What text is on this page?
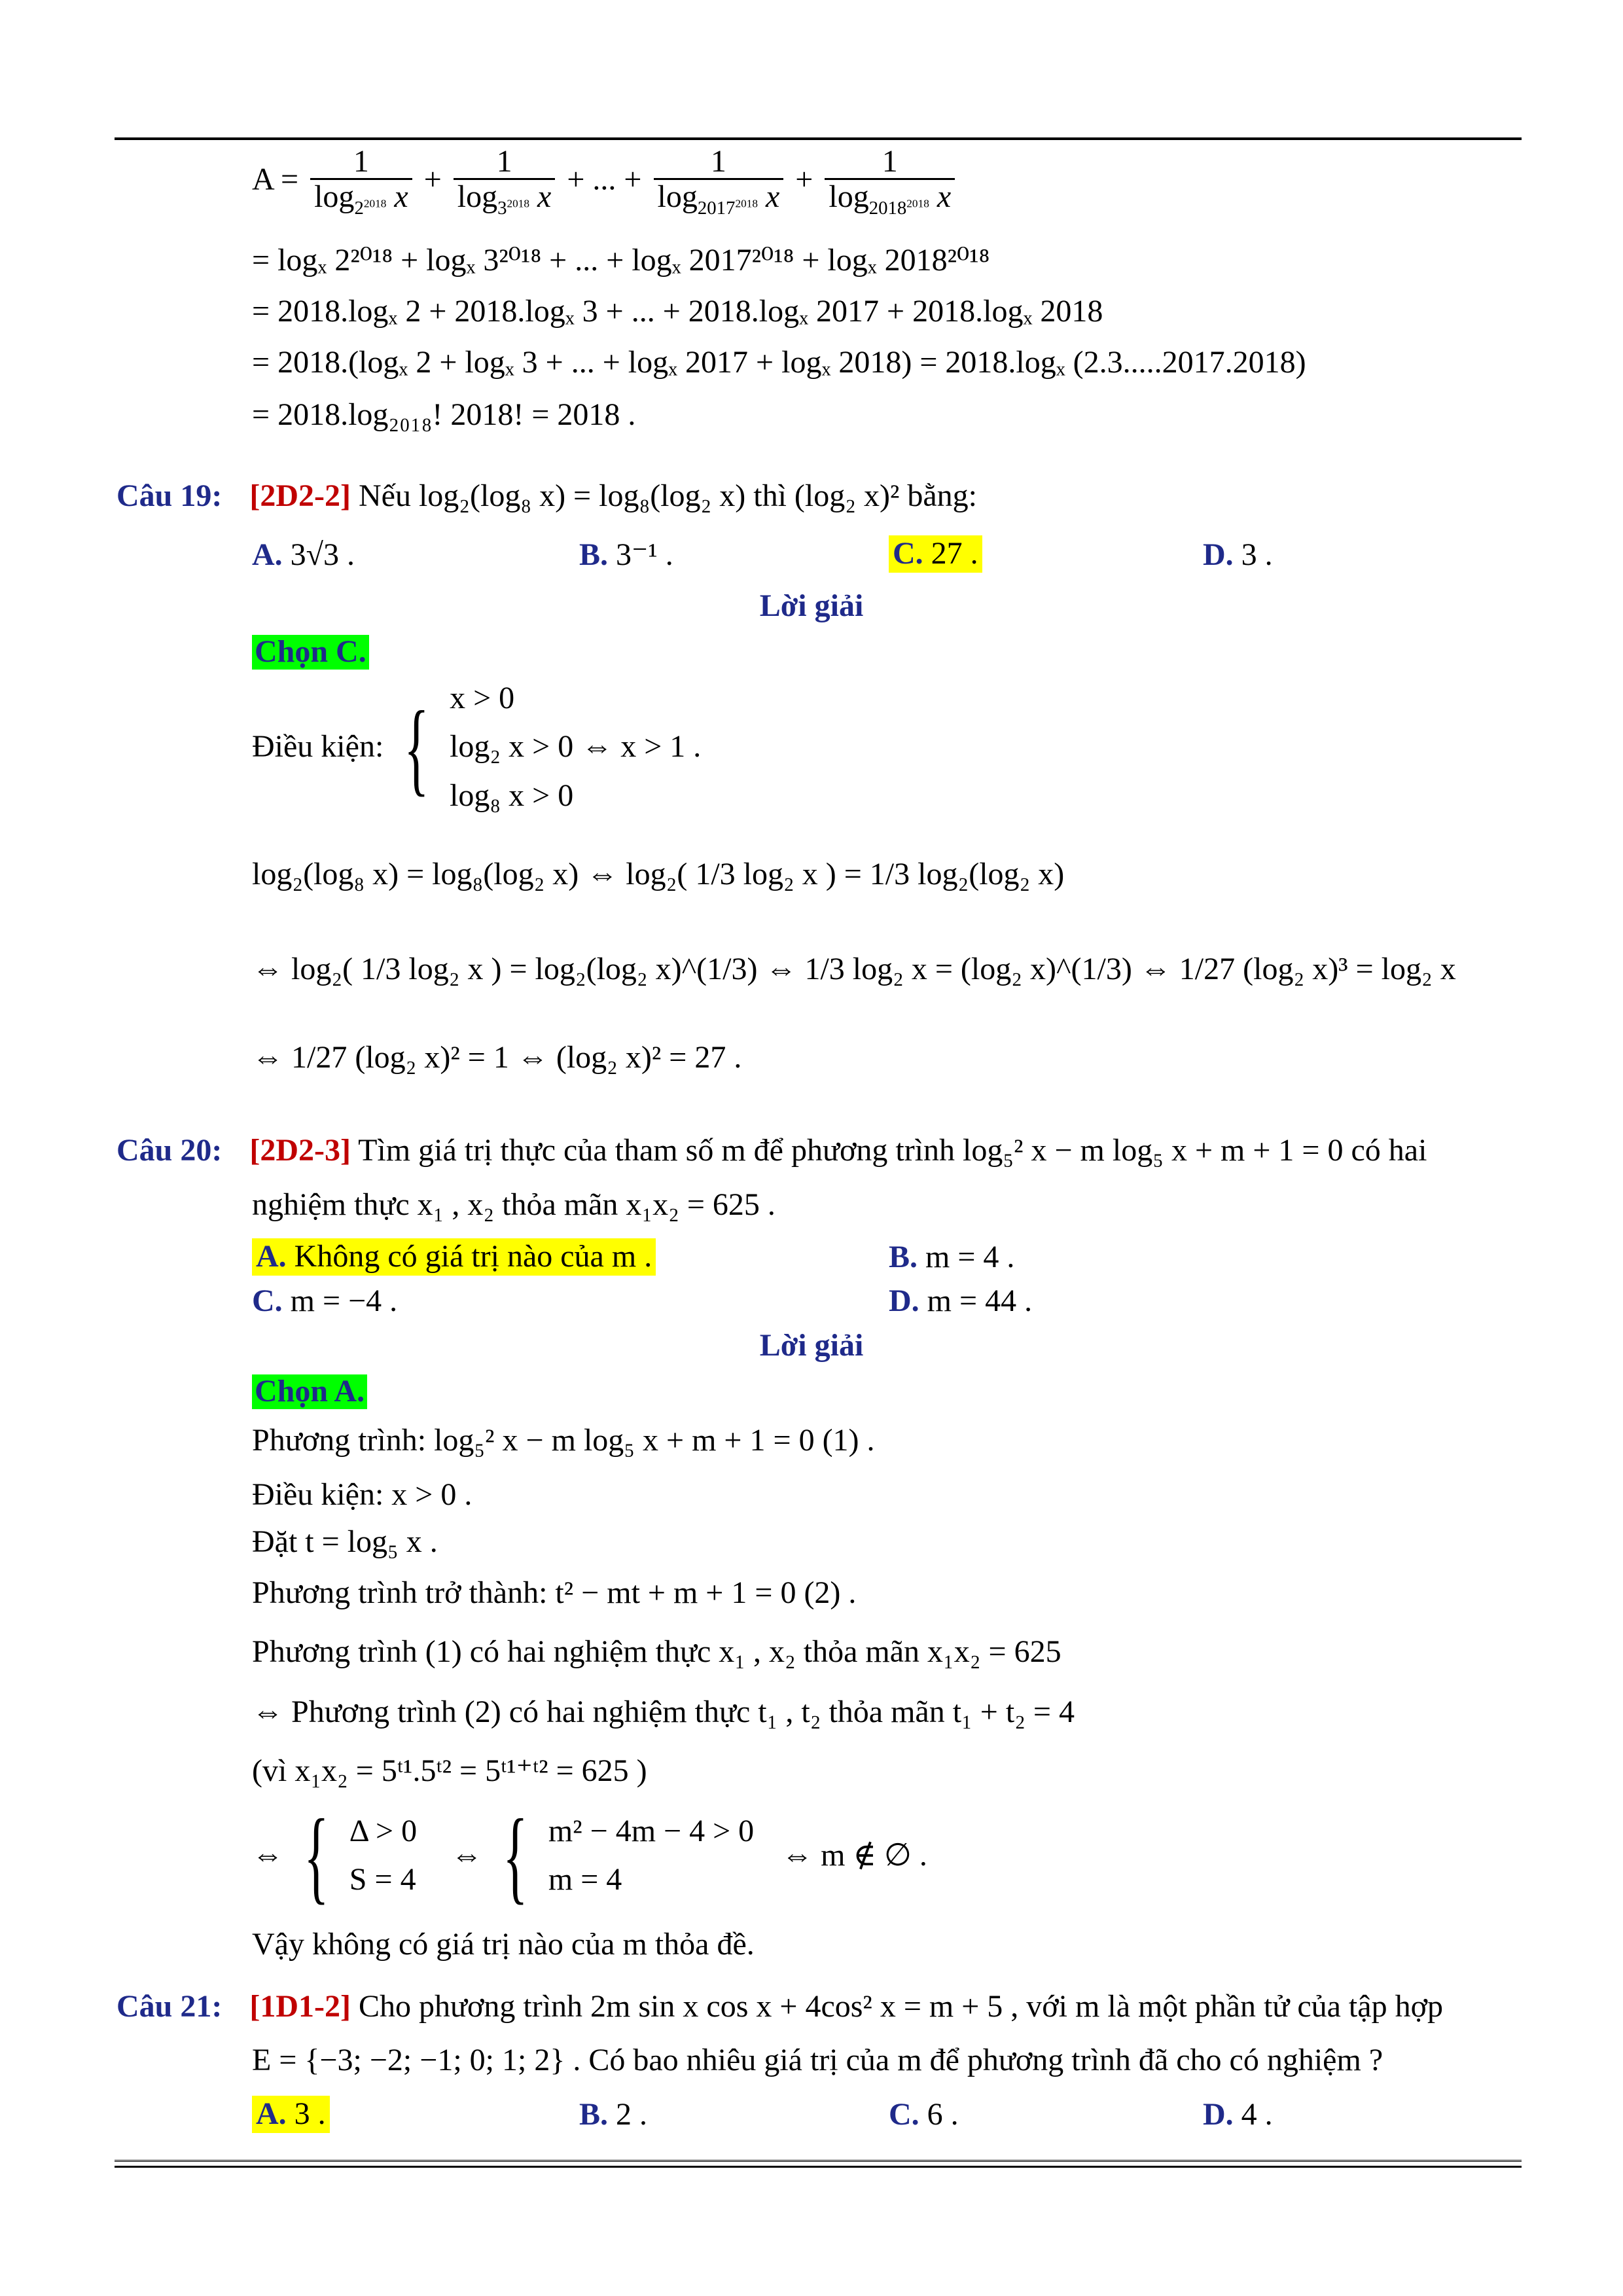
$A = \frac{1}{\log_{2^{2018}} x} + \frac{1}{\log_{3^{2018}} x}$ + ... + $\frac{1}{\log_{2017^{2018}} x} + \frac{1}{\log_{2018^{2018}} x}$
= logₓ 2²⁰¹⁸ + logₓ 3²⁰¹⁸ + ... + logₓ 2017²⁰¹⁸ + logₓ 2018²⁰¹⁸
= 2018.logₓ 2 + 2018.logₓ 3 + ... + 2018.logₓ 2017 + 2018.logₓ 2018
= 2018.(logₓ 2 + logₓ 3 + ... + logₓ 2017 + logₓ 2018) = 2018.logₓ (2.3.....2017.2018)
= 2018.log₂₀₁₈! 2018! = 2018 .
Câu 19: [2D2-2] Nếu log₂(log₈ x) = log₈(log₂ x) thì (log₂ x)² bằng:
A. 3√3 .	B. 3⁻¹ .	C. 27 .	D. 3 .
Lời giải
Chọn C.
Điều kiện: { x > 0
log₂ x > 0 ⇔ x > 1 .
log₈ x > 0
log₂(log₈ x) = log₈(log₂ x) ⇔ log₂( 1/3 log₂ x ) = 1/3 log₂(log₂ x)
⇔ log₂( 1/3 log₂ x ) = log₂(log₂ x)^(1/3) ⇔ 1/3 log₂ x = (log₂ x)^(1/3) ⇔ 1/27 (log₂ x)³ = log₂ x
⇔ 1/27 (log₂ x)² = 1 ⇔ (log₂ x)² = 27 .
Câu 20: [2D2-3] Tìm giá trị thực của tham số m để phương trình log₅² x − m log₅ x + m + 1 = 0 có hai
nghiệm thực x₁ , x₂ thỏa mãn x₁x₂ = 625 .
A. Không có giá trị nào của m .	B. m = 4 .
C. m = −4 .	D. m = 44 .
Lời giải
Chọn A.
Phương trình: log₅² x − m log₅ x + m + 1 = 0 (1) .
Điều kiện: x > 0 .
Đặt t = log₅ x .
Phương trình trở thành: t² − mt + m + 1 = 0 (2) .
Phương trình (1) có hai nghiệm thực x₁ , x₂ thỏa mãn x₁x₂ = 625
⇔ Phương trình (2) có hai nghiệm thực t₁ , t₂ thỏa mãn t₁ + t₂ = 4
(vì x₁x₂ = 5ᵗ¹.5ᵗ² = 5ᵗ¹⁺ᵗ² = 625 )
⇔ { Δ > 0
S = 4
⇔ { m² − 4m − 4 > 0
m = 4
⇔ m ∉ ∅ .
Vậy không có giá trị nào của m thỏa đề.
Câu 21: [1D1-2] Cho phương trình 2m sin x cos x + 4cos² x = m + 5 , với m là một phần tử của tập hợp
E = {−3; −2; −1; 0; 1; 2} . Có bao nhiêu giá trị của m để phương trình đã cho có nghiệm ?
A. 3 .	B. 2 .	C. 6 .	D. 4 .
